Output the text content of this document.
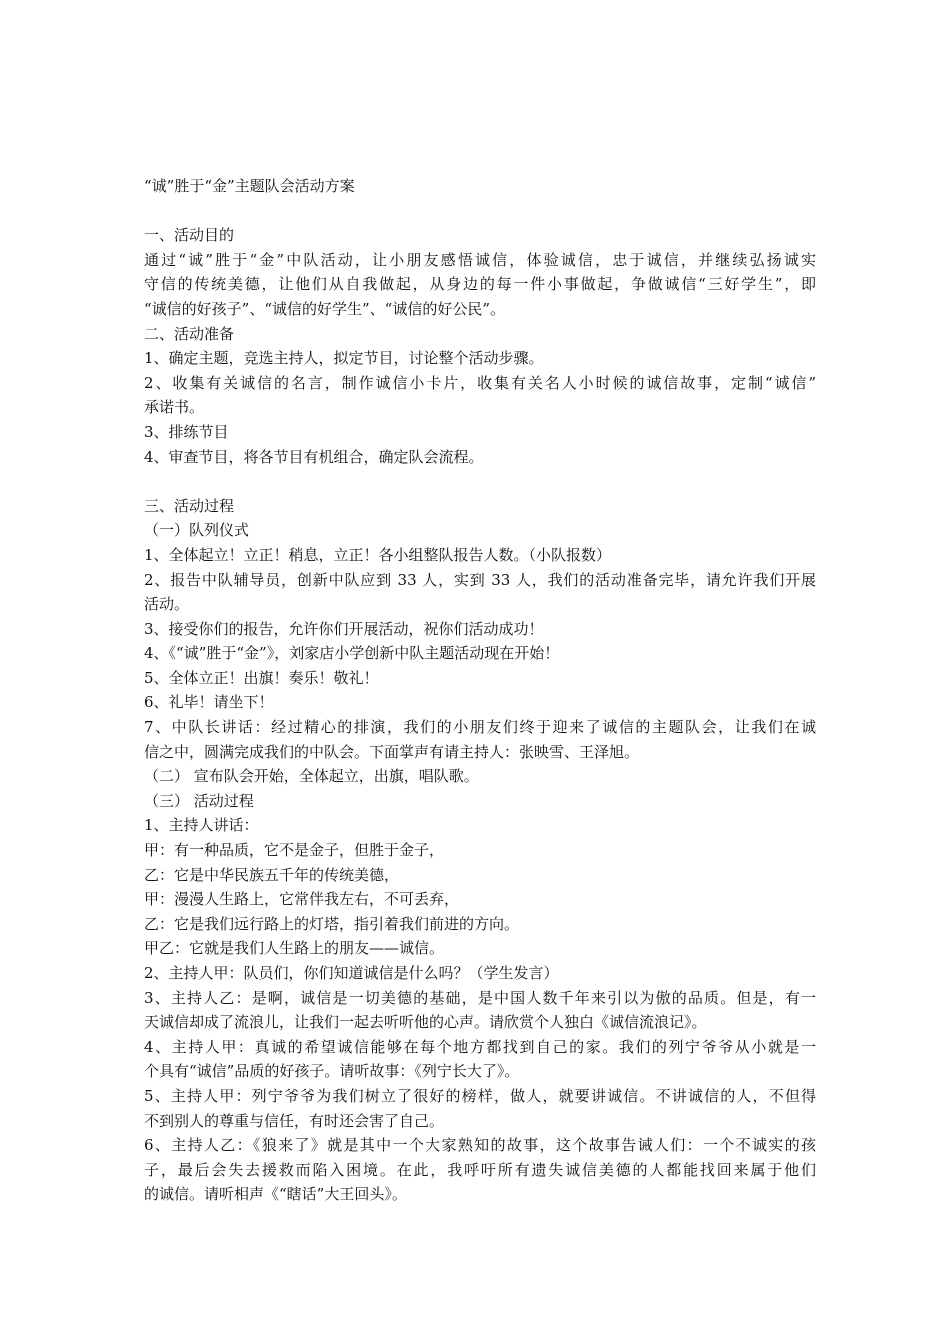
“诚”胜于“金”主题队会活动方案
一、活动目的
通过“诚”胜于“金”中队活动，让小朋友感悟诚信，体验诚信，忠于诚信，并继续弘扬诚实
守信的传统美德，让他们从自我做起，从身边的每一件小事做起，争做诚信“三好学生”，即
“诚信的好孩子”、“诚信的好学生”、“诚信的好公民”。
二、活动准备
1、确定主题，竞选主持人，拟定节目，讨论整个活动步骤。
2、收集有关诚信的名言，制作诚信小卡片，收集有关名人小时候的诚信故事，定制“诚信”
承诺书。
3、排练节目
4、审查节目，将各节目有机组合，确定队会流程。
三、活动过程
（一）队列仪式
1、全体起立！立正！稍息，立正！各小组整队报告人数。（小队报数）
2、报告中队辅导员，创新中队应到 33 人，实到 33 人，我们的活动准备完毕，请允许我们开展
活动。
3、接受你们的报告，允许你们开展活动，祝你们活动成功！
4、《“诚”胜于“金”》，刘家店小学创新中队主题活动现在开始！
5、全体立正！出旗！奏乐！敬礼！
6、礼毕！请坐下！
7、中队长讲话：经过精心的排演，我们的小朋友们终于迎来了诚信的主题队会，让我们在诚
信之中，圆满完成我们的中队会。下面掌声有请主持人：张映雪、王泽旭。
（二） 宣布队会开始，全体起立，出旗，唱队歌。
（三） 活动过程
1、主持人讲话：
甲：有一种品质，它不是金子，但胜于金子，
乙：它是中华民族五千年的传统美德，
甲：漫漫人生路上，它常伴我左右，不可丢弃，
乙：它是我们远行路上的灯塔，指引着我们前进的方向。
甲乙：它就是我们人生路上的朋友——诚信。
2、主持人甲：队员们，你们知道诚信是什么吗？（学生发言）
3、主持人乙：是啊，诚信是一切美德的基础，是中国人数千年来引以为傲的品质。但是，有一
天诚信却成了流浪儿，让我们一起去听听他的心声。请欣赏个人独白《诚信流浪记》。
4、主持人甲：真诚的希望诚信能够在每个地方都找到自己的家。我们的列宁爷爷从小就是一
个具有“诚信”品质的好孩子。请听故事：《列宁长大了》。
5、主持人甲：列宁爷爷为我们树立了很好的榜样，做人，就要讲诚信。不讲诚信的人，不但得
不到别人的尊重与信任，有时还会害了自己。
6、主持人乙：《狼来了》就是其中一个大家熟知的故事，这个故事告诫人们：一个不诚实的孩
子，最后会失去援救而陷入困境。在此，我呼吁所有遗失诚信美德的人都能找回来属于他们
的诚信。请听相声《“瞎话”大王回头》。
